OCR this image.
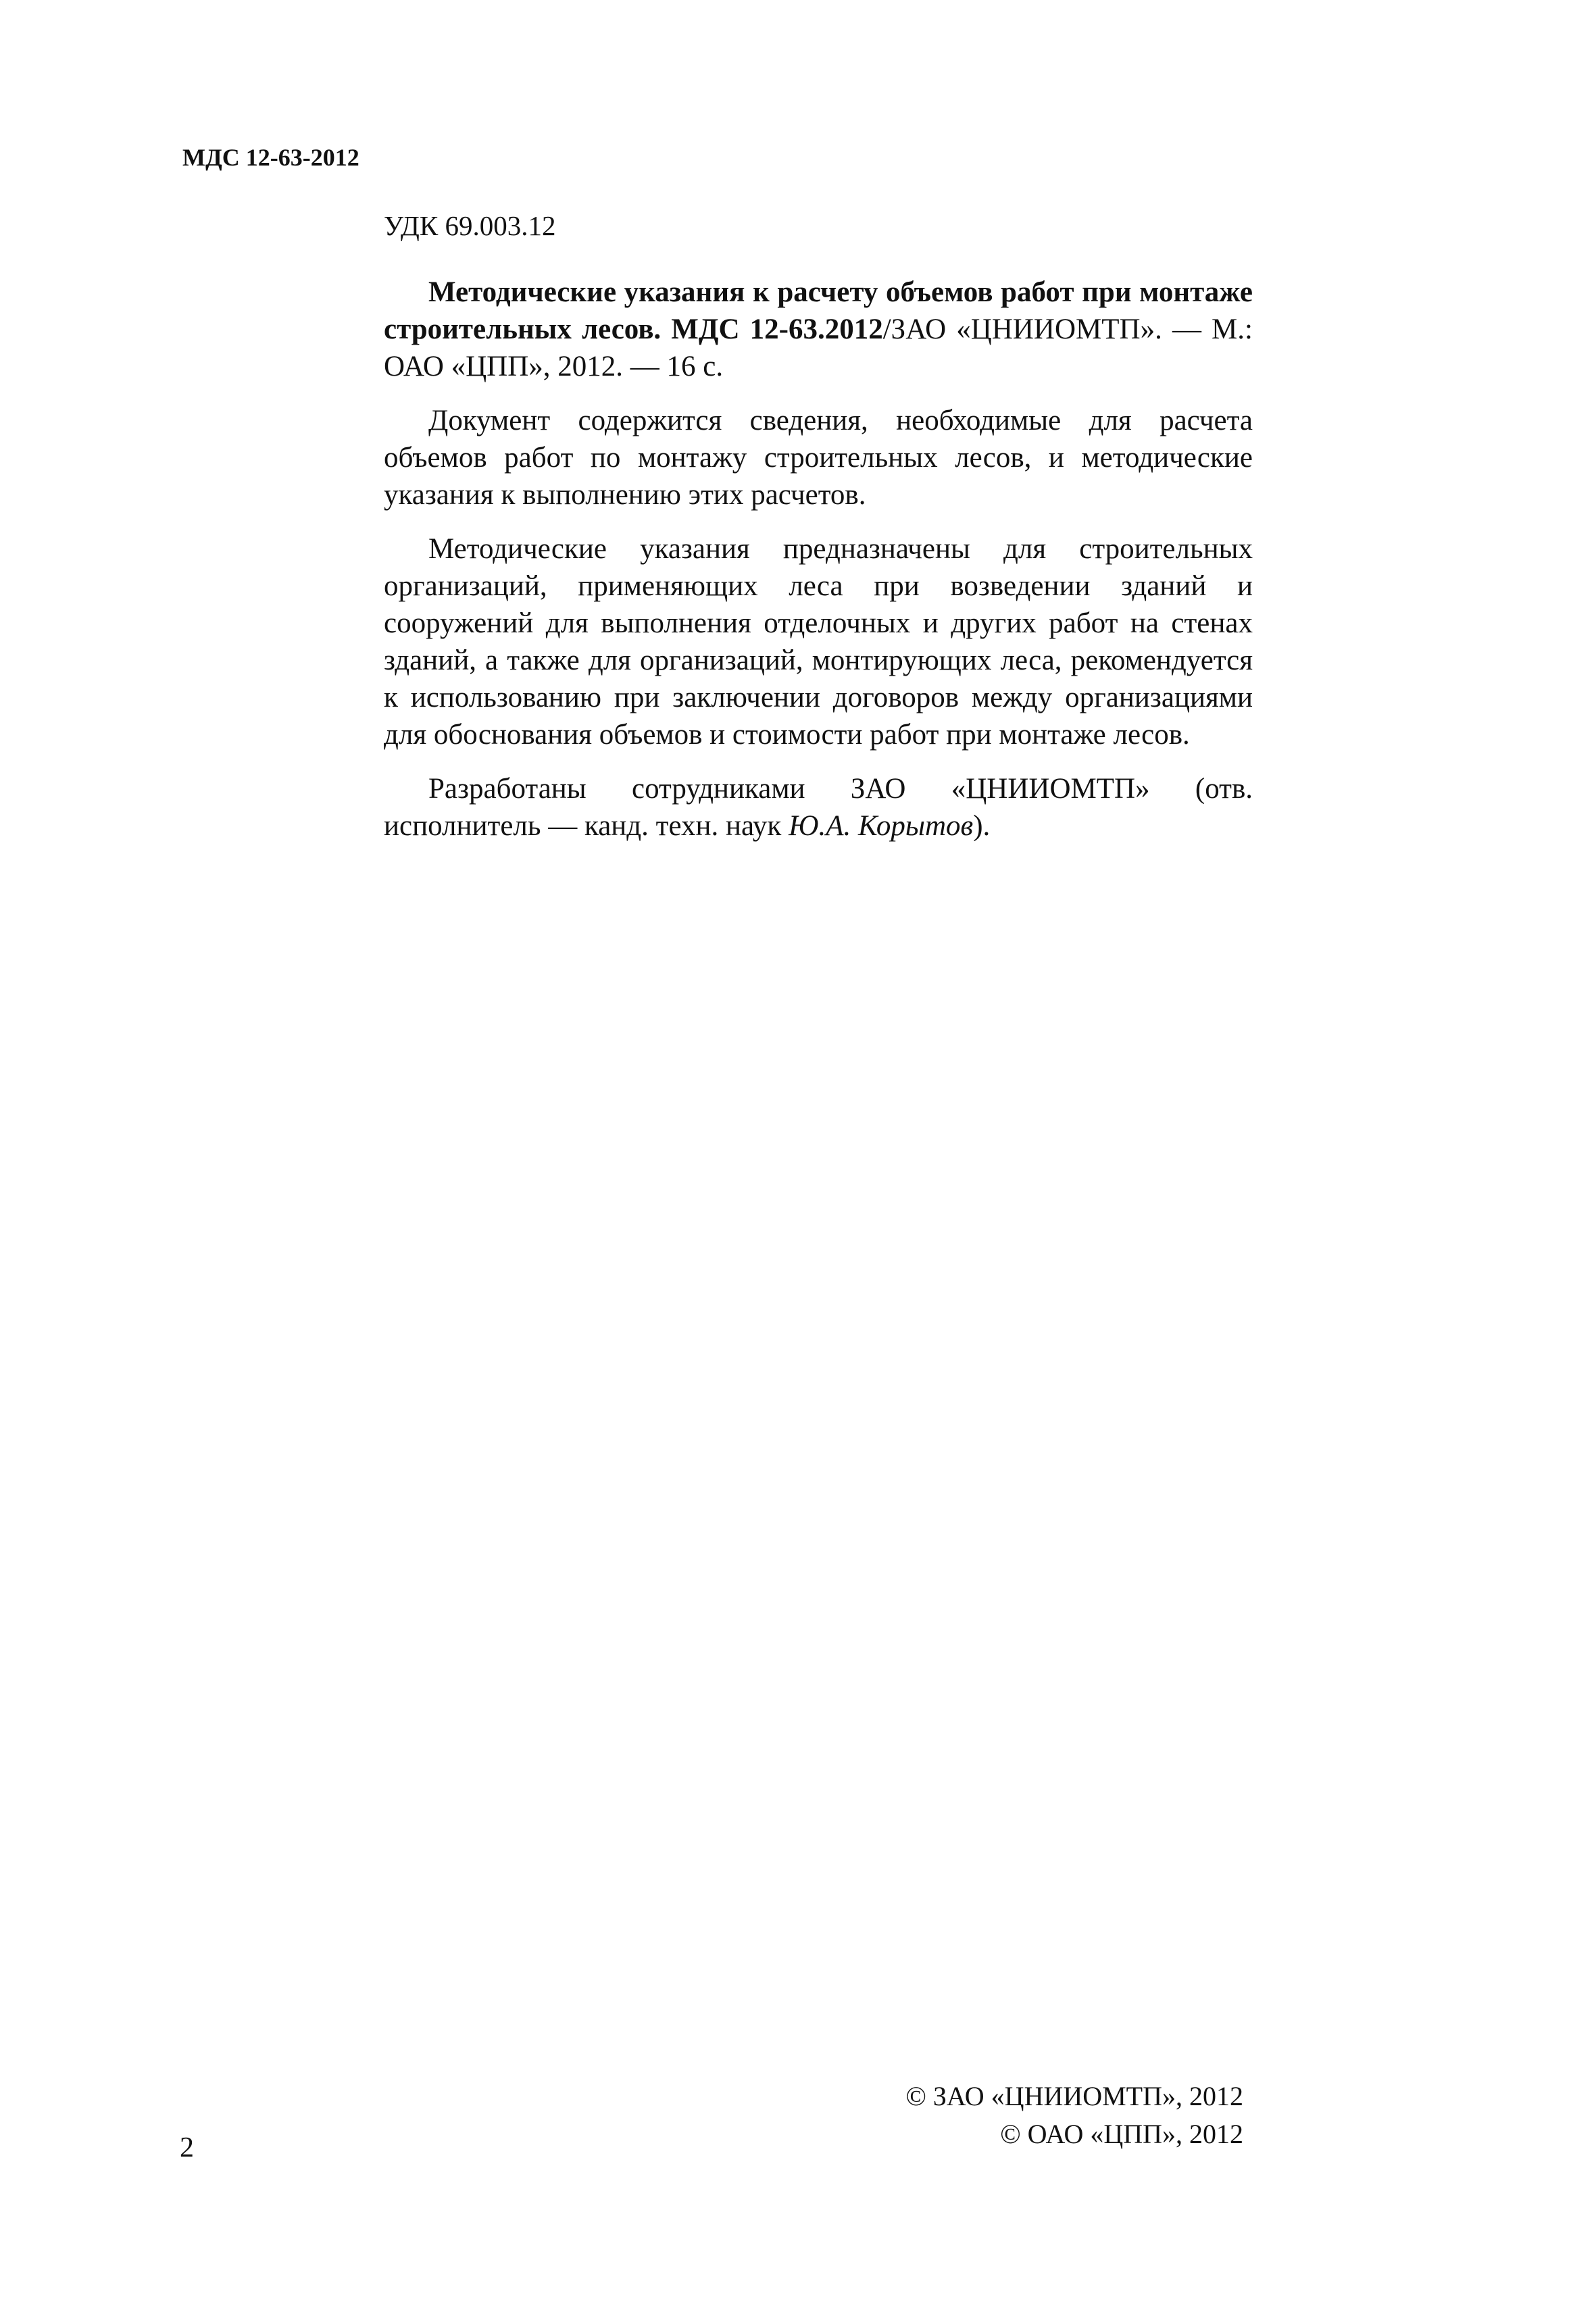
МДС 12-63-2012
УДК 69.003.12

Методические указания к расчету объемов работ при монтаже строительных лесов. МДС 12-63.2012/ЗАО «ЦНИИОМТП». — М.: ОАО «ЦПП», 2012. — 16 с.

Документ содержится сведения, необходимые для расчета объемов работ по монтажу строительных лесов, и методические указания к выполнению этих расчетов.

Методические указания предназначены для строительных организаций, применяющих леса при возведении зданий и сооружений для выполнения отделочных и других работ на стенах зданий, а также для организаций, монтирующих леса, рекомендуется к использованию при заключении договоров между организациями для обоснования объемов и стоимости работ при монтаже лесов.

Разработаны сотрудниками ЗАО «ЦНИИОМТП» (отв. исполнитель — канд. техн. наук Ю.А. Корытов).

© ЗАО «ЦНИИОМТП», 2012
© ОАО «ЦПП», 2012
2
